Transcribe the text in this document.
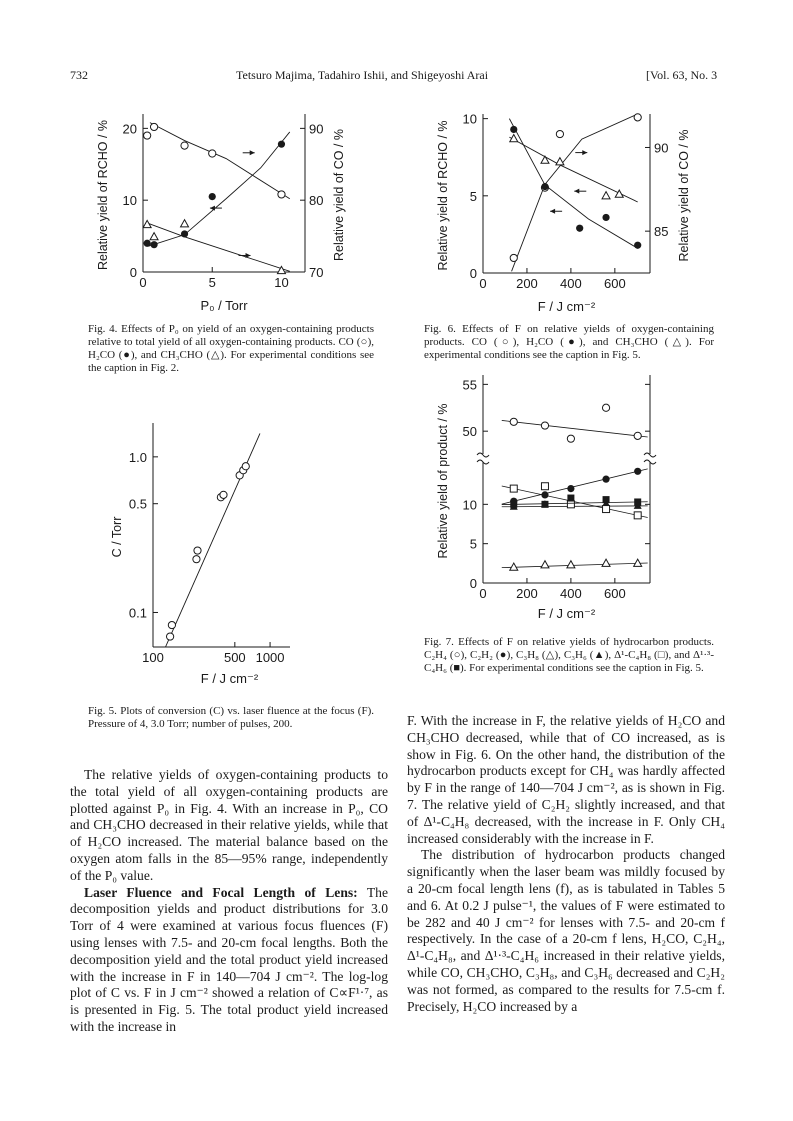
732	Tetsuro Majima, Tadahiro Ishii, and Shigeyoshi Arai	[Vol. 63, No. 3
0	5	10
0
10
20
70
80
90
P₀ / Torr
Relative yield of RCHO / %	Relative yield of CO / %
Fig. 4. Effects of P₀ on yield of an oxygen-containing products relative to total yield of all oxygen-containing products. CO (○), H₂CO (●), and CH₃CHO (△). For experimental conditions see the caption in Fig. 2.
0 200 400 600
0
5
10
85
90
F / J cm⁻²
Relative yield of RCHO / %	Relative yield of CO / %
Fig. 6. Effects of F on relative yields of oxygen-containing products. CO (○), H₂CO (●), and CH₃CHO (△). For experimental conditions see the caption in Fig. 5.
100	500 1000
0.1
0.5
1.0
F / J cm⁻²
C / Torr
Fig. 5. Plots of conversion (C) vs. laser fluence at the focus (F). Pressure of 4, 3.0 Torr; number of pulses, 200.
0 200 400 600
0
5
10
50
55
F / J cm⁻²
Relative yield of product / %
Fig. 7. Effects of F on relative yields of hydrocarbon products. C₂H₄ (○), C₂H₂ (●), C₃H₈ (△), C₃H₆ (▲), Δ¹-C₄H₈ (□), and Δ¹·³-C₄H₆ (■). For experimental conditions see the caption in Fig. 5.

The relative yields of oxygen-containing products to the total yield of all oxygen-containing products are plotted against P₀ in Fig. 4. With an increase in P₀, CO and CH₃CHO decreased in their relative yields, while that of H₂CO increased. The material balance based on the oxygen atom falls in the 85—95% range, independently of the P₀ value.

Laser Fluence and Focal Length of Lens: The decomposition yields and product distributions for 3.0 Torr of 4 were examined at various focus fluences (F) using lenses with 7.5- and 20-cm focal lengths. Both the decomposition yield and the total product yield increased with the increase in F in 140—704 J cm⁻². The log-log plot of C vs. F in J cm⁻² showed a relation of C∝F¹·⁷, as is presented in Fig. 5. The total product yield increased with the increase in

F. With the increase in F, the relative yields of H₂CO and CH₃CHO decreased, while that of CO increased, as is show in Fig. 6. On the other hand, the distribution of the hydrocarbon products except for CH₄ was hardly affected by F in the range of 140—704 J cm⁻², as is shown in Fig. 7. The relative yield of C₂H₂ slightly increased, and that of Δ¹-C₄H₈ decreased, with the increase in F. Only CH₄ increased considerably with the increase in F.

The distribution of hydrocarbon products changed significantly when the laser beam was mildly focused by a 20-cm focal length lens (f), as is tabulated in Tables 5 and 6. At 0.2 J pulse⁻¹, the values of F were estimated to be 282 and 40 J cm⁻² for lenses with 7.5- and 20-cm f respectively. In the case of a 20-cm f lens, H₂CO, C₂H₄, Δ¹-C₄H₈, and Δ¹·³-C₄H₆ increased in their relative yields, while CO, CH₃CHO, C₃H₈, and C₃H₆ decreased and C₂H₂ was not formed, as compared to the results for 7.5-cm f. Precisely, H₂CO increased by a
